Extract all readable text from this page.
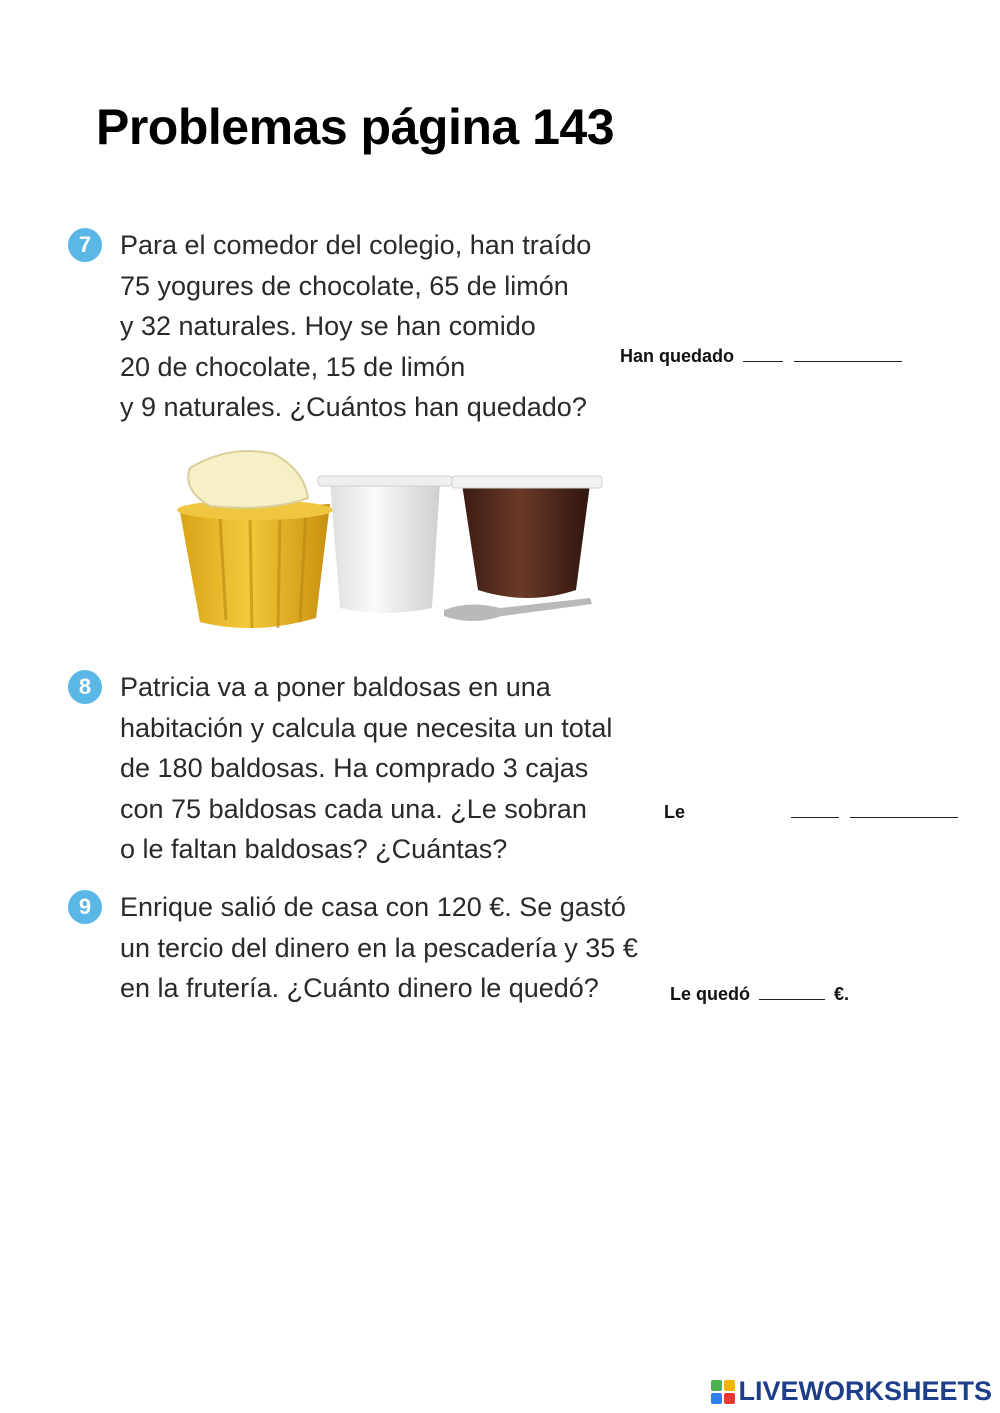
Problemas página 143
7	Para el comedor del colegio, han traído
75 yogures de chocolate, 65 de limón
y 32 naturales. Hoy se han comido
20 de chocolate, 15 de limón
y 9 naturales. ¿Cuántos han quedado?
Han quedado
8	Patricia va a poner baldosas en una
habitación y calcula que necesita un total
de 180 baldosas. Ha comprado 3 cajas
con 75 baldosas cada una. ¿Le sobran
o le faltan baldosas? ¿Cuántas?
Le
9	Enrique salió de casa con 120 €. Se gastó
un tercio del dinero en la pescadería y 35 €
en la frutería. ¿Cuánto dinero le quedó?	Le quedó	€.
LIVEWORKSHEETS
